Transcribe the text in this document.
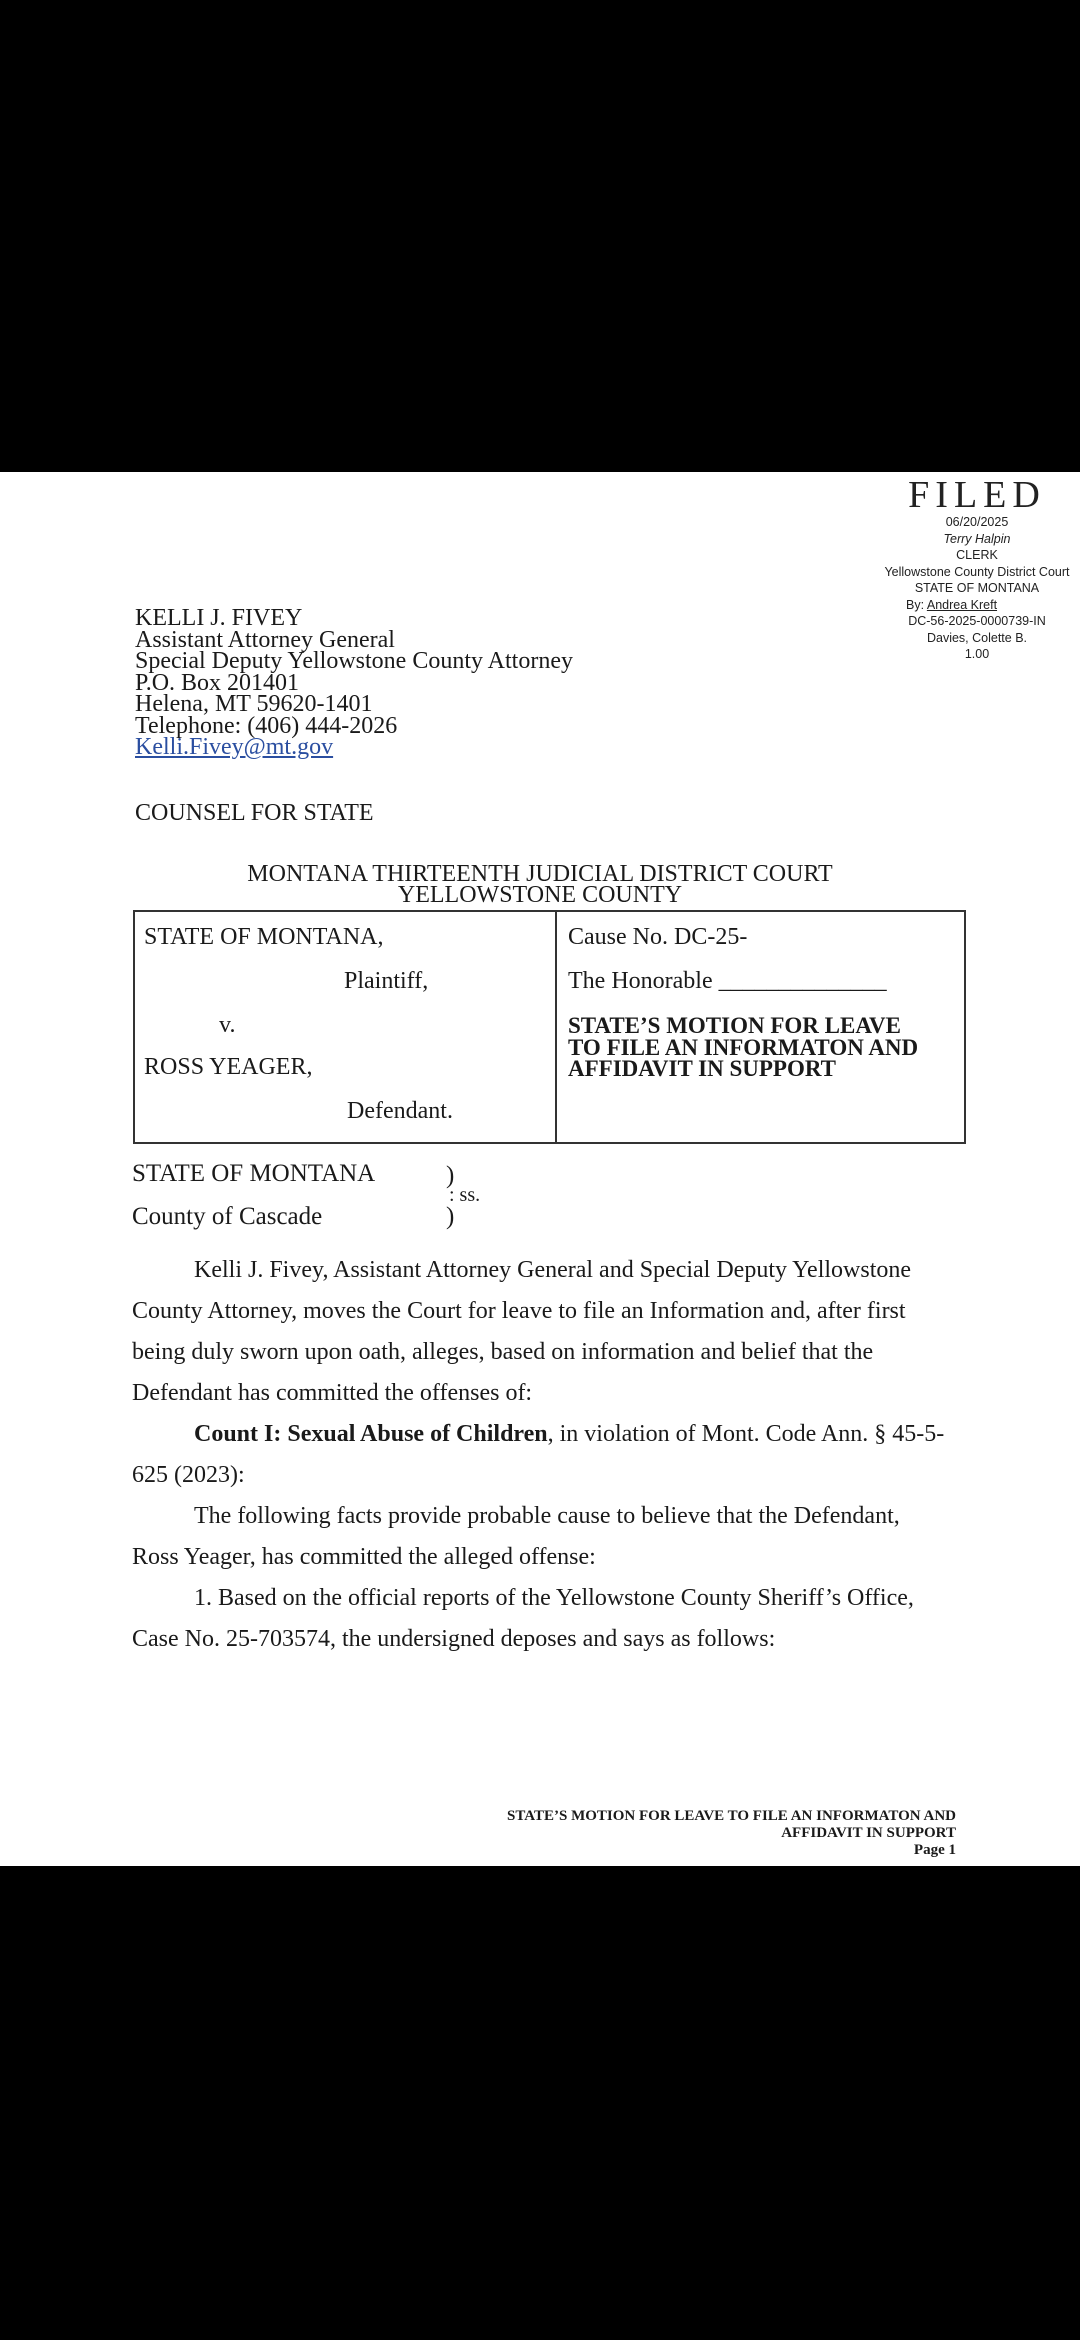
FILED
06/20/2025
Terry Halpin
CLERK
Yellowstone County District Court
STATE OF MONTANA
By: Andrea Kreft
DC-56-2025-0000739-IN
Davies, Colette B.
1.00
KELLI J. FIVEY
Assistant Attorney General
Special Deputy Yellowstone County Attorney
P.O. Box 201401
Helena, MT 59620-1401
Telephone: (406) 444-2026
Kelli.Fivey@mt.gov
COUNSEL FOR STATE
MONTANA THIRTEENTH JUDICIAL DISTRICT COURT
YELLOWSTONE COUNTY
STATE OF MONTANA,
Plaintiff,
v.
ROSS YEAGER,
Defendant.
Cause No. DC-25-
The Honorable ______________
STATE’S MOTION FOR LEAVE
TO FILE AN INFORMATON AND
AFFIDAVIT IN SUPPORT
STATE OF MONTANA
County of Cascade
)
: ss.
)
Kelli J. Fivey, Assistant Attorney General and Special Deputy Yellowstone County Attorney, moves the Court for leave to file an Information and, after first being duly sworn upon oath, alleges, based on information and belief that the Defendant has committed the offenses of:
Count I: Sexual Abuse of Children, in violation of Mont. Code Ann. § 45-5-625 (2023):
The following facts provide probable cause to believe that the Defendant, Ross Yeager, has committed the alleged offense:
1. Based on the official reports of the Yellowstone County Sheriff’s Office, Case No. 25-703574, the undersigned deposes and says as follows:
STATE’S MOTION FOR LEAVE TO FILE AN INFORMATON AND
AFFIDAVIT IN SUPPORT
Page 1
